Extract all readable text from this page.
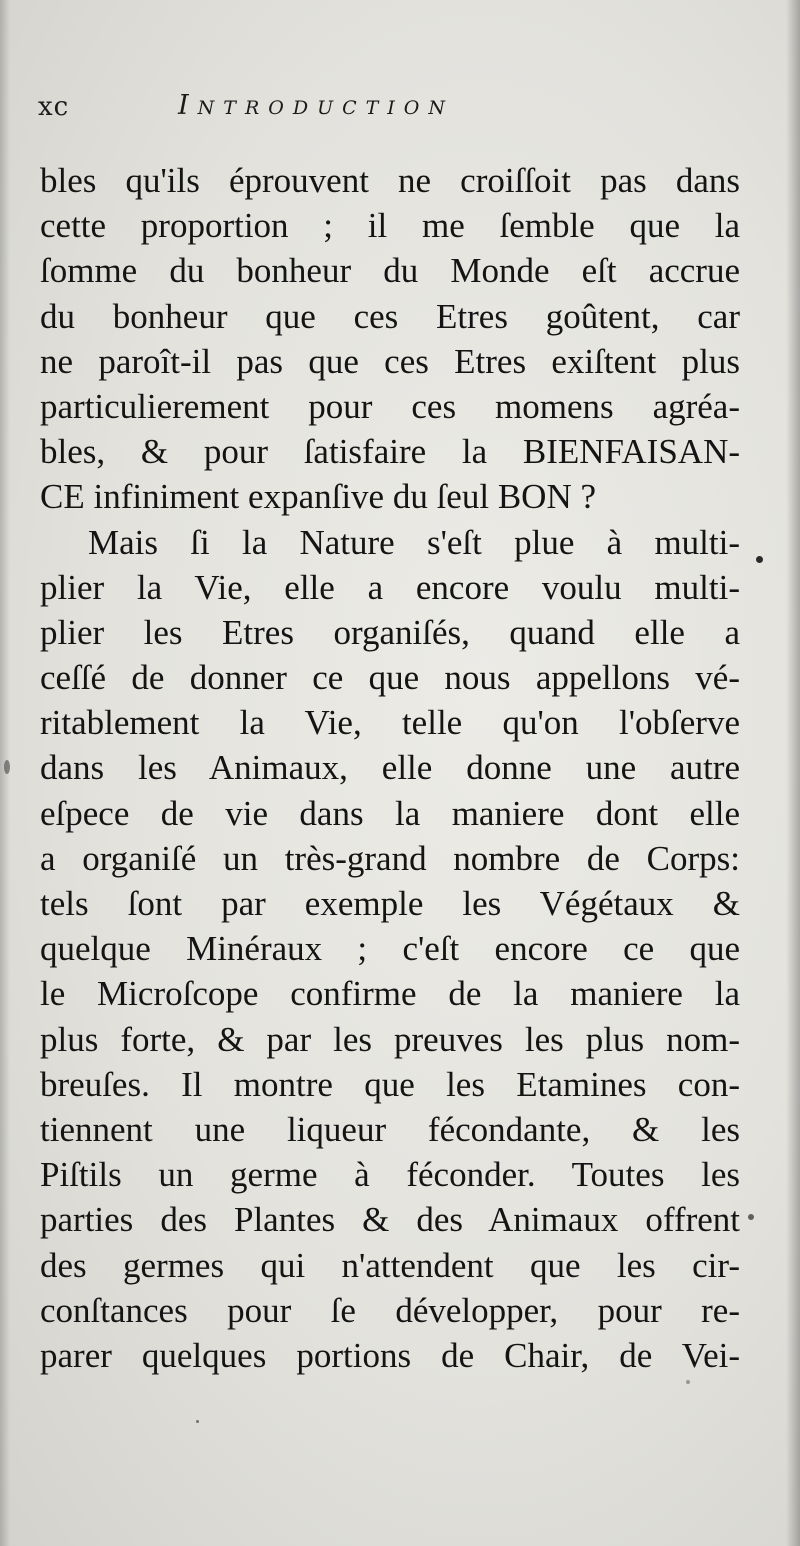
xc	Introduction
bles qu'ils éprouvent ne croiſſoit pas dans
cette proportion ; il me ſemble que la
ſomme du bonheur du Monde eſt accrue
du bonheur que ces Etres goûtent, car
ne paroît-il pas que ces Etres exiſtent plus
particulierement pour ces momens agréa-
bles, & pour ſatisfaire la BIENFAISAN-
CE infiniment expanſive du ſeul BON ?
Mais ſi la Nature s'eſt plue à multi-
plier la Vie, elle a encore voulu multi-
plier les Etres organiſés, quand elle a
ceſſé de donner ce que nous appellons vé-
ritablement la Vie, telle qu'on l'obſerve
dans les Animaux, elle donne une autre
eſpece de vie dans la maniere dont elle
a organiſé un très-grand nombre de Corps:
tels ſont par exemple les Végétaux &
quelque Minéraux ; c'eſt encore ce que
le Microſcope confirme de la maniere la
plus forte, & par les preuves les plus nom-
breuſes. Il montre que les Etamines con-
tiennent une liqueur fécondante, & les
Piſtils un germe à féconder. Toutes les
parties des Plantes & des Animaux offrent
des germes qui n'attendent que les cir-
conſtances pour ſe développer, pour re-
parer quelques portions de Chair, de Vei-
